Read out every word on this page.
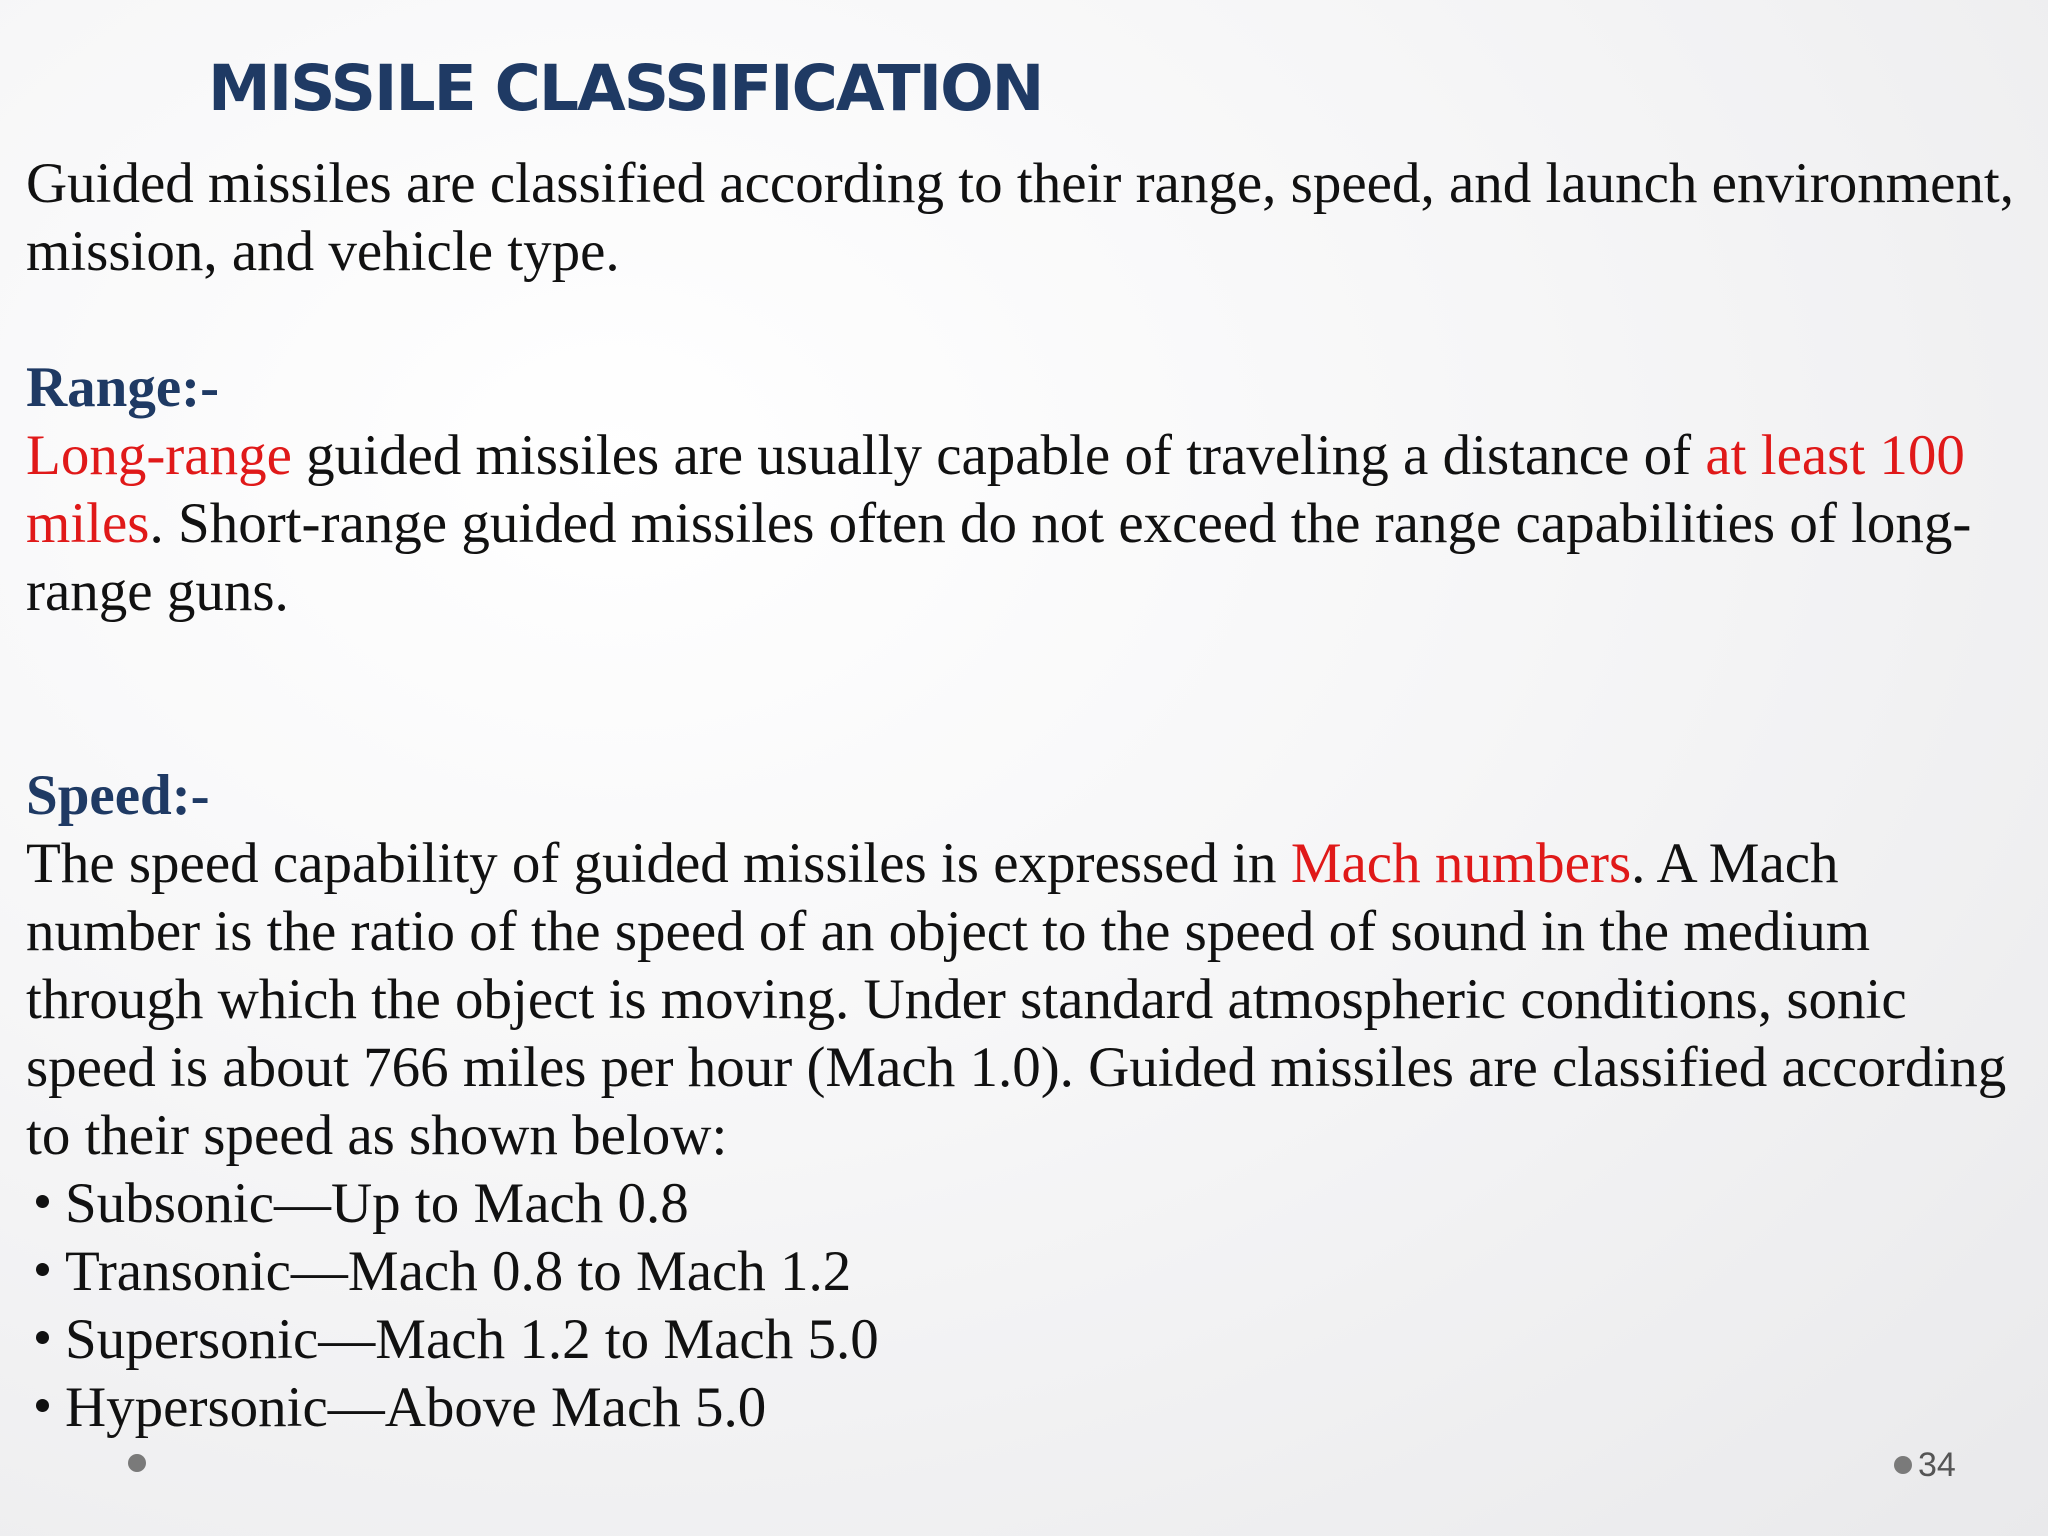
MISSILE CLASSIFICATION

Guided missiles are classified according to their range, speed, and launch environment, mission, and vehicle type.

Range:-

Long-range guided missiles are usually capable of traveling a distance of at least 100 miles. Short-range guided missiles often do not exceed the range capabilities of long-range guns.

Speed:-

The speed capability of guided missiles is expressed in Mach numbers. A Mach number is the ratio of the speed of an object to the speed of sound in the medium through which the object is moving. Under standard atmospheric conditions, sonic speed is about 766 miles per hour (Mach 1.0). Guided missiles are classified according to their speed as shown below:

Subsonic—Up to Mach 0.8
Transonic—Mach 0.8 to Mach 1.2
Supersonic—Mach 1.2 to Mach 5.0
Hypersonic—Above Mach 5.0
34
